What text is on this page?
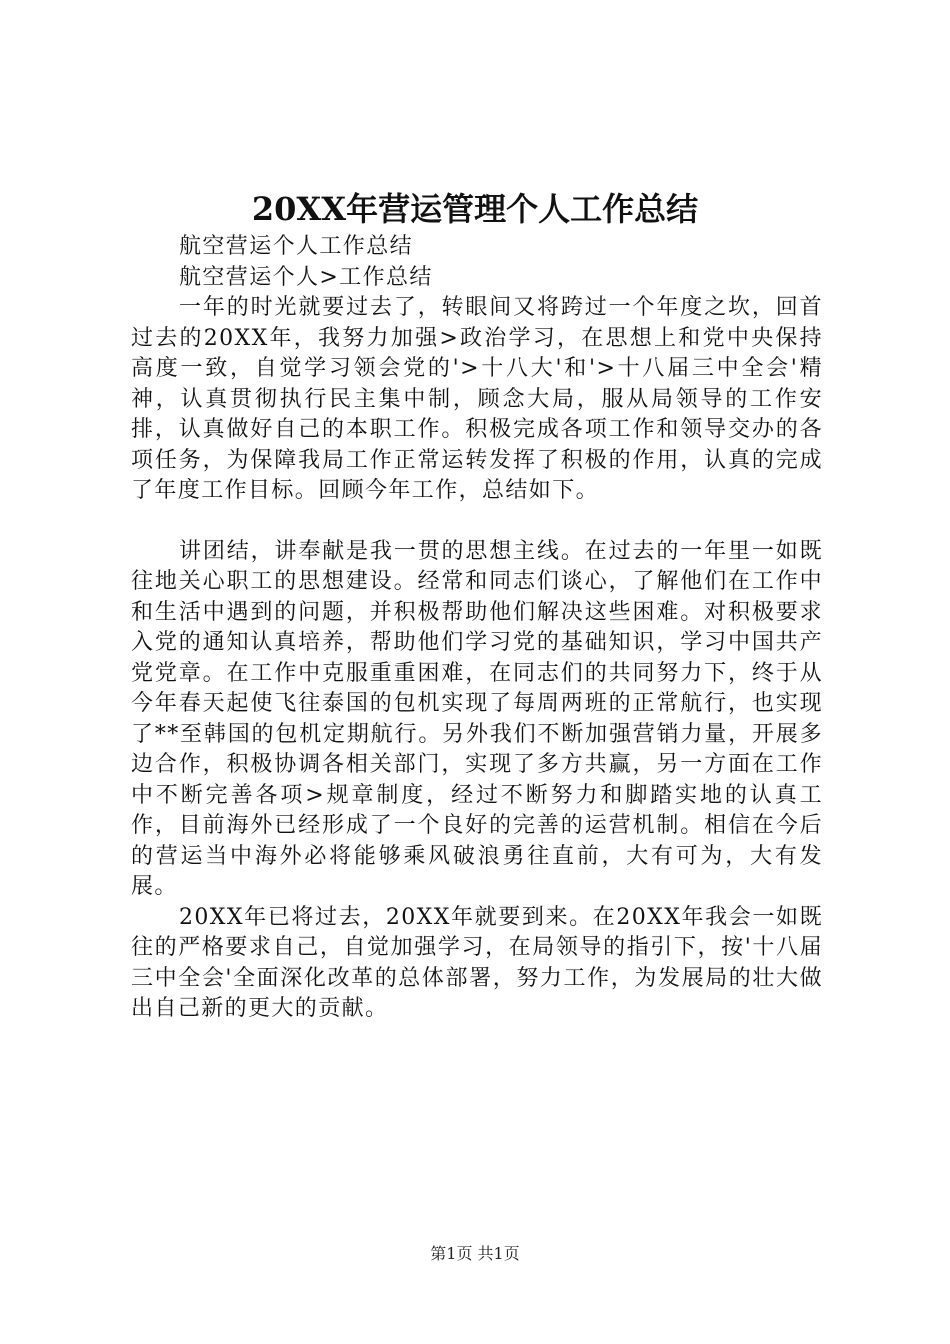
20XX年营运管理个人工作总结

航空营运个人工作总结

航空营运个人>工作总结

一年的时光就要过去了，转眼间又将跨过一个年度之坎，回首过去的20XX年，我努力加强>政治学习，在思想上和党中央保持高度一致，自觉学习领会党的'>十八大'和'>十八届三中全会'精神，认真贯彻执行民主集中制，顾念大局，服从局领导的工作安排，认真做好自己的本职工作。积极完成各项工作和领导交办的各项任务，为保障我局工作正常运转发挥了积极的作用，认真的完成了年度工作目标。回顾今年工作，总结如下。

讲团结，讲奉献是我一贯的思想主线。在过去的一年里一如既往地关心职工的思想建设。经常和同志们谈心，了解他们在工作中和生活中遇到的问题，并积极帮助他们解决这些困难。对积极要求入党的通知认真培养，帮助他们学习党的基础知识，学习中国共产党党章。在工作中克服重重困难，在同志们的共同努力下，终于从今年春天起使飞往泰国的包机实现了每周两班的正常航行，也实现了**至韩国的包机定期航行。另外我们不断加强营销力量，开展多边合作，积极协调各相关部门，实现了多方共赢，另一方面在工作中不断完善各项>规章制度，经过不断努力和脚踏实地的认真工作，目前海外已经形成了一个良好的完善的运营机制。相信在今后的营运当中海外必将能够乘风破浪勇往直前，大有可为，大有发展。

20XX年已将过去，20XX年就要到来。在20XX年我会一如既往的严格要求自己，自觉加强学习，在局领导的指引下，按'十八届三中全会'全面深化改革的总体部署，努力工作，为发展局的壮大做出自己新的更大的贡献。

第1页 共1页
